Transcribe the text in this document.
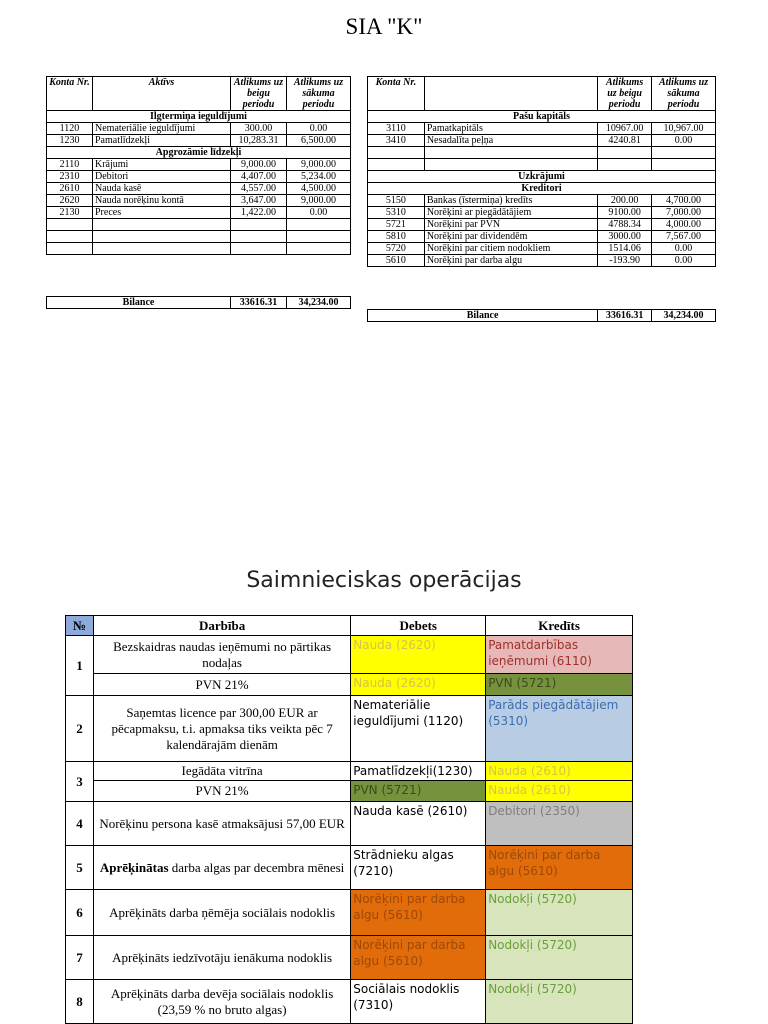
SIA "K"
Konta Nr.	Aktīvs	Atlikums uz beigu periodu	Atlikums uz sākuma periodu
Ilgtermiņa ieguldījumi			
1120	Nemateriālie ieguldījumi	300.00	0.00
1230	Pamatlīdzekļi	10,283.31	6,500.00
Apgrozāmie līdzekļi			
2110	Krājumi	9,000.00	9,000.00
2310	Debitori	4,407.00	5,234.00
2610	Nauda kasē	4,557.00	4,500.00
2620	Nauda norēķinu kontā	3,647.00	9,000.00
2130	Preces	1,422.00	0.00

Bilance	33616.31	34,234.00
Konta Nr.		Atlikums uz beigu periodu	Atlikums uz sākuma periodu
Pašu kapitāls			
3110	Pamatkapitāls	10967.00	10,967.00
3410	Nesadalīta peļņa	4240.81	0.00

Uzkrājumi			
Kreditori			
5150	Bankas (īstermiņa) kredīts	200.00	4,700.00
5310	Norēķini ar piegādātājiem	9100.00	7,000.00
5721	Norēķini par PVN	4788.34	4,000.00
5810	Norēķini par dividendēm	3000.00	7,567.00
5720	Norēķini par citiem nodokliem	1514.06	0.00
5610	Norēķini par darba algu	-193.90	0.00
Bilance	33616.31	34,234.00
Saimnieciskas operācijas
№	Darbība	Debets	Kredīts
1	Bezskaidras naudas ieņēmumi no pārtikas nodaļas	Nauda (2620)	Pamatdarbības ieņēmumi (6110)
	PVN 21%	Nauda (2620)	PVN (5721)
2	Saņemtas licence par 300,00 EUR ar pēcapmaksu, t.i. apmaksa tiks veikta pēc 7 kalendārajām dienām	Nemateriālie ieguldījumi (1120)	Parāds piegādātājiem (5310)
3	Iegādāta vitrīna	Pamatlīdzekļi(1230)	Nauda (2610)
	PVN 21%	PVN (5721)	Nauda (2610)
4	Norēķinu persona kasē atmaksājusi 57,00 EUR	Nauda kasē (2610)	Debitori (2350)
5	Aprēķinātas darba algas par decembra mēnesi	Strādnieku algas (7210)	Norēķini par darba algu (5610)
6	Aprēķināts darba ņēmēja sociālais nodoklis	Norēķini par darba algu (5610)	Nodokļi (5720)
7	Aprēķināts iedzīvotāju ienākuma nodoklis	Norēķini par darba algu (5610)	Nodokļi (5720)
8	Aprēķināts darba devēja sociālais nodoklis (23,59 % no bruto algas)	Sociālais nodoklis (7310)	Nodokļi (5720)
